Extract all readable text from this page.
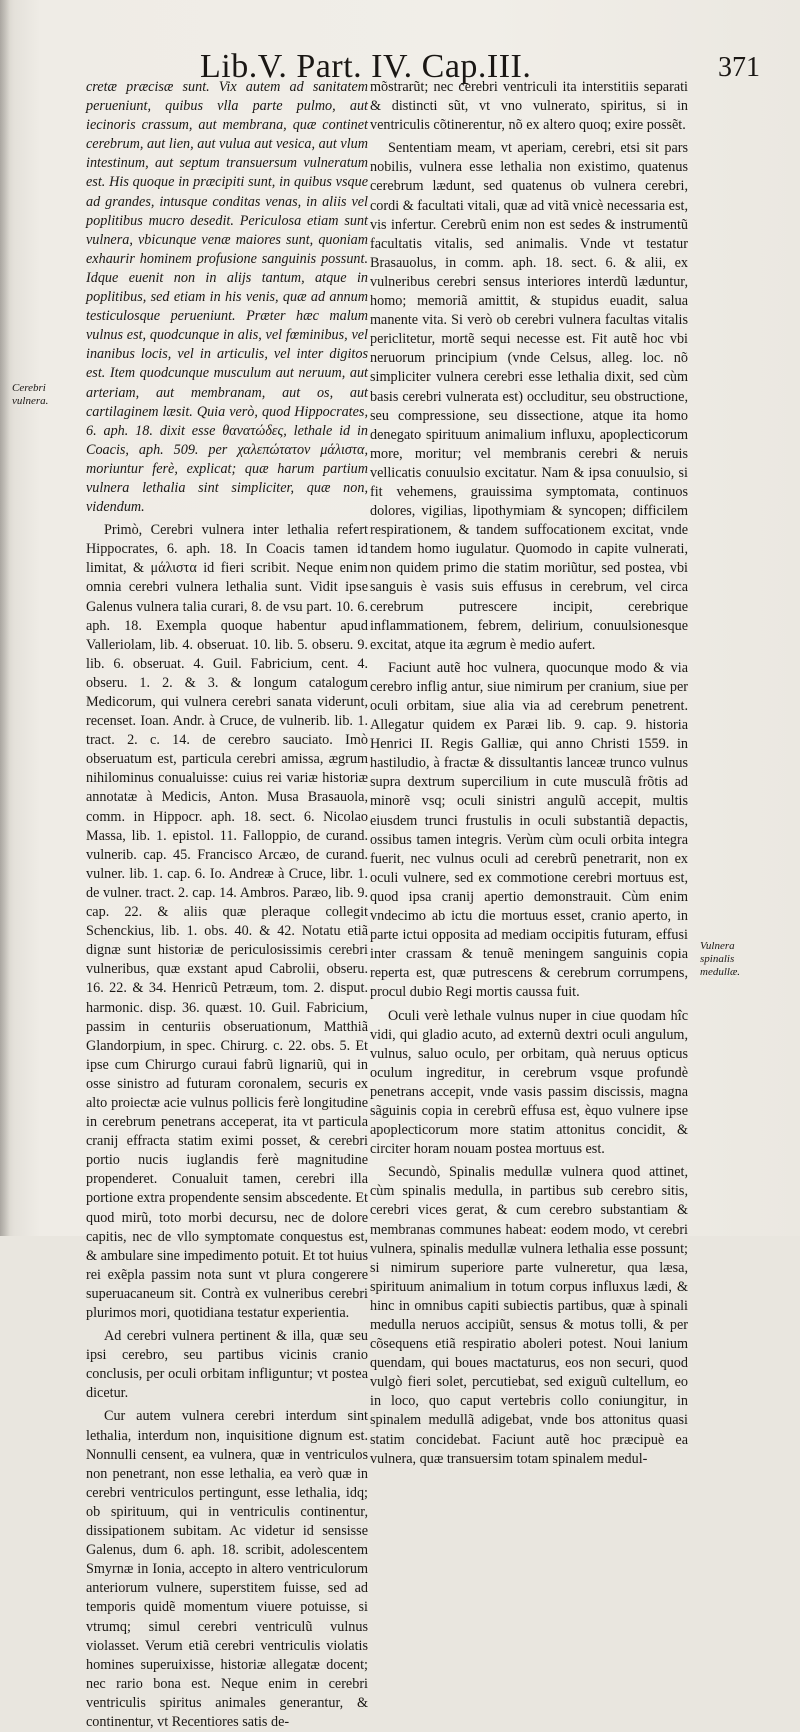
Lib.V. Part. IV. Cap.III.	371
Cerebri vulnera.
Vulnera spinalis medullæ.

cretæ præcisæ sunt. Vix autem ad sanitatem perueniunt, quibus vlla parte pulmo, aut iecinoris crassum, aut membrana, quæ continet cerebrum, aut lien, aut vulua aut vesica, aut vlum intestinum, aut septum transuersum vulneratum est. His quoque in præcipiti sunt, in quibus vsque ad grandes, intusque conditas venas, in aliis vel poplitibus mucro desedit. Periculosa etiam sunt vulnera, vbicunque venæ maiores sunt, quoniam exhaurir hominem profusione sanguinis possunt. Idque euenit non in alijs tantum, atque in poplitibus, sed etiam in his venis, quæ ad annum testiculosque perueniunt. Præter hæc malum vulnus est, quodcunque in alis, vel fœminibus, vel inanibus locis, vel in articulis, vel inter digitos est. Item quodcunque musculum aut neruum, aut arteriam, aut membranam, aut os, aut cartilaginem læsit. Quia verò, quod Hippocrates, 6. aph. 18. dixit esse θανατώδες, lethale id in Coacis, aph. 509. per χαλεπώτατον μάλιστα, moriuntur ferè, explicat; quæ harum partium vulnera lethalia sint simpliciter, quæ non, videndum.

Primò, Cerebri vulnera inter lethalia refert Hippocrates, 6. aph. 18. In Coacis tamen id limitat, & μάλιστα id fieri scribit. Neque enim omnia cerebri vulnera lethalia sunt. Vidit ipse Galenus vulnera talia curari, 8. de vsu part. 10. 6. aph. 18. Exempla quoque habentur apud Valleriolam, lib. 4. obseruat. 10. lib. 5. obseru. 9. lib. 6. obseruat. 4. Guil. Fabricium, cent. 4. obseru. 1. 2. & 3. & longum catalogum Medicorum, qui vulnera cerebri sanata viderunt, recenset. Ioan. Andr. à Cruce, de vulnerib. lib. 1. tract. 2. c. 14. de cerebro sauciato. Imò obseruatum est, particula cerebri amissa, ægrum nihilominus conualuisse: cuius rei variæ historiæ annotatæ à Medicis, Anton. Musa Brasauola, comm. in Hippocr. aph. 18. sect. 6. Nicolao Massa, lib. 1. epistol. 11. Falloppio, de curand. vulnerib. cap. 45. Francisco Arcæo, de curand. vulner. lib. 1. cap. 6. Io. Andreæ à Cruce, libr. 1. de vulner. tract. 2. cap. 14. Ambros. Paræo, lib. 9. cap. 22. & aliis quæ pleraque collegit Schenckius, lib. 1. obs. 40. & 42. Notatu etiã dignæ sunt historiæ de periculosissimis cerebri vulneribus, quæ exstant apud Cabrolii, obseru. 16. 22. & 34. Henricũ Petræum, tom. 2. disput. harmonic. disp. 36. quæst. 10. Guil. Fabricium, passim in centuriis obseruationum, Matthiã Glandorpium, in spec. Chirurg. c. 22. obs. 5. Et ipse cum Chirurgo curaui fabrũ lignariũ, qui in osse sinistro ad futuram coronalem, securis ex alto proiectæ acie vulnus pollicis ferè longitudine in cerebrum penetrans acceperat, ita vt particula cranij effracta statim eximi posset, & cerebri portio nucis iuglandis ferè magnitudine propenderet. Conualuit tamen, cerebri illa portione extra propendente sensim abscedente. Et quod mirũ, toto morbi decursu, nec de dolore capitis, nec de vllo symptomate conquestus est, & ambulare sine impedimento potuit. Et tot huius rei exẽpla passim nota sunt vt plura congerere superuacaneum sit. Contrà ex vulneribus cerebri plurimos mori, quotidiana testatur experientia.

Ad cerebri vulnera pertinent & illa, quæ seu ipsi cerebro, seu partibus vicinis cranio conclusis, per oculi orbitam infliguntur; vt postea dicetur.

Cur autem vulnera cerebri interdum sint lethalia, interdum non, inquisitione dignum est. Nonnulli censent, ea vulnera, quæ in ventriculos non penetrant, non esse lethalia, ea verò quæ in cerebri ventriculos pertingunt, esse lethalia, idq; ob spirituum, qui in ventriculis continentur, dissipationem subitam. Ac videtur id sensisse Galenus, dum 6. aph. 18. scribit, adolescentem Smyrnæ in Ionia, accepto in altero ventriculorum anteriorum vulnere, superstitem fuisse, sed ad temporis quidẽ momentum viuere potuisse, si vtrumq; simul cerebri ventriculũ vulnus violasset. Verum etiã cerebri ventriculis violatis homines superuixisse, historiæ allegatæ docent; nec rario bona est. Neque enim in cerebri ventriculis spiritus animales generantur, & continentur, vt Recentiores satis de-

mõstrarũt; nec cerebri ventriculi ita interstitiis separati & distincti sũt, vt vno vulnerato, spiritus, si in ventriculis cõtinerentur, nõ ex altero quoq; exire possẽt.

Sententiam meam, vt aperiam, cerebri, etsi sit pars nobilis, vulnera esse lethalia non existimo, quatenus cerebrum lædunt, sed quatenus ob vulnera cerebri, cordi & facultati vitali, quæ ad vitã vnicè necessaria est, vis infertur. Cerebrũ enim non est sedes & instrumentũ facultatis vitalis, sed animalis. Vnde vt testatur Brasauolus, in comm. aph. 18. sect. 6. & alii, ex vulneribus cerebri sensus interiores interdũ læduntur, homo; memoriã amittit, & stupidus euadit, salua manente vita. Si verò ob cerebri vulnera facultas vitalis periclitetur, mortẽ sequi necesse est. Fit autẽ hoc vbi neruorum principium (vnde Celsus, alleg. loc. nõ simpliciter vulnera cerebri esse lethalia dixit, sed cùm basis cerebri vulnerata est) occluditur, seu obstructione, seu compressione, seu dissectione, atque ita homo denegato spirituum animalium influxu, apoplecticorum more, moritur; vel membranis cerebri & neruis vellicatis conuulsio excitatur. Nam & ipsa conuulsio, si fit vehemens, grauissima symptomata, continuos dolores, vigilias, lipothymiam & syncopen; difficilem respirationem, & tandem suffocationem excitat, vnde tandem homo iugulatur. Quomodo in capite vulnerati, non quidem primo die statim moriũtur, sed postea, vbi sanguis è vasis suis effusus in cerebrum, vel circa cerebrum putrescere incipit, cerebrique inflammationem, febrem, delirium, conuulsionesque excitat, atque ita ægrum è medio aufert.

Faciunt autẽ hoc vulnera, quocunque modo & via cerebro inflig antur, siue nimirum per cranium, siue per oculi orbitam, siue alia via ad cerebrum penetrent. Allegatur quidem ex Paræi lib. 9. cap. 9. historia Henrici II. Regis Galliæ, qui anno Christi 1559. in hastiludio, à fractæ & dissultantis lanceæ trunco vulnus supra dextrum supercilium in cute musculã frõtis ad minorẽ vsq; oculi sinistri angulũ accepit, multis eiusdem trunci frustulis in oculi substantiã depactis, ossibus tamen integris. Verùm cùm oculi orbita integra fuerit, nec vulnus oculi ad cerebrũ penetrarit, non ex oculi vulnere, sed ex commotione cerebri mortuus est, quod ipsa cranij apertio demonstrauit. Cùm enim vndecimo ab ictu die mortuus esset, cranio aperto, in parte ictui opposita ad mediam occipitis futuram, effusi inter crassam & tenuẽ meningem sanguinis copia reperta est, quæ putrescens & cerebrum corrumpens, procul dubio Regi mortis caussa fuit.

Oculi verè lethale vulnus nuper in ciue quodam hîc vidi, qui gladio acuto, ad externũ dextri oculi angulum, vulnus, saluo oculo, per orbitam, quà neruus opticus oculum ingreditur, in cerebrum vsque profundè penetrans accepit, vnde vasis passim discissis, magna sãguinis copia in cerebrũ effusa est, èquo vulnere ipse apoplecticorum more statim attonitus concidit, & circiter horam nouam postea mortuus est.

Secundò, Spinalis medullæ vulnera quod attinet, cùm spinalis medulla, in partibus sub cerebro sitis, cerebri vices gerat, & cum cerebro substantiam & membranas communes habeat: eodem modo, vt cerebri vulnera, spinalis medullæ vulnera lethalia esse possunt; si nimirum superiore parte vulneretur, qua læsa, spirituum animalium in totum corpus influxus lædi, & hinc in omnibus capiti subiectis partibus, quæ à spinali medulla neruos accipiũt, sensus & motus tolli, & per cõsequens etiã respiratio aboleri potest. Noui lanium quendam, qui boues mactaturus, eos non securi, quod vulgò fieri solet, percutiebat, sed exiguũ cultellum, eo in loco, quo caput vertebris collo coniungitur, in spinalem medullã adigebat, vnde bos attonitus quasi statim concidebat. Faciunt autẽ hoc præcipuè ea vulnera, quæ transuersim totam spinalem medul-
